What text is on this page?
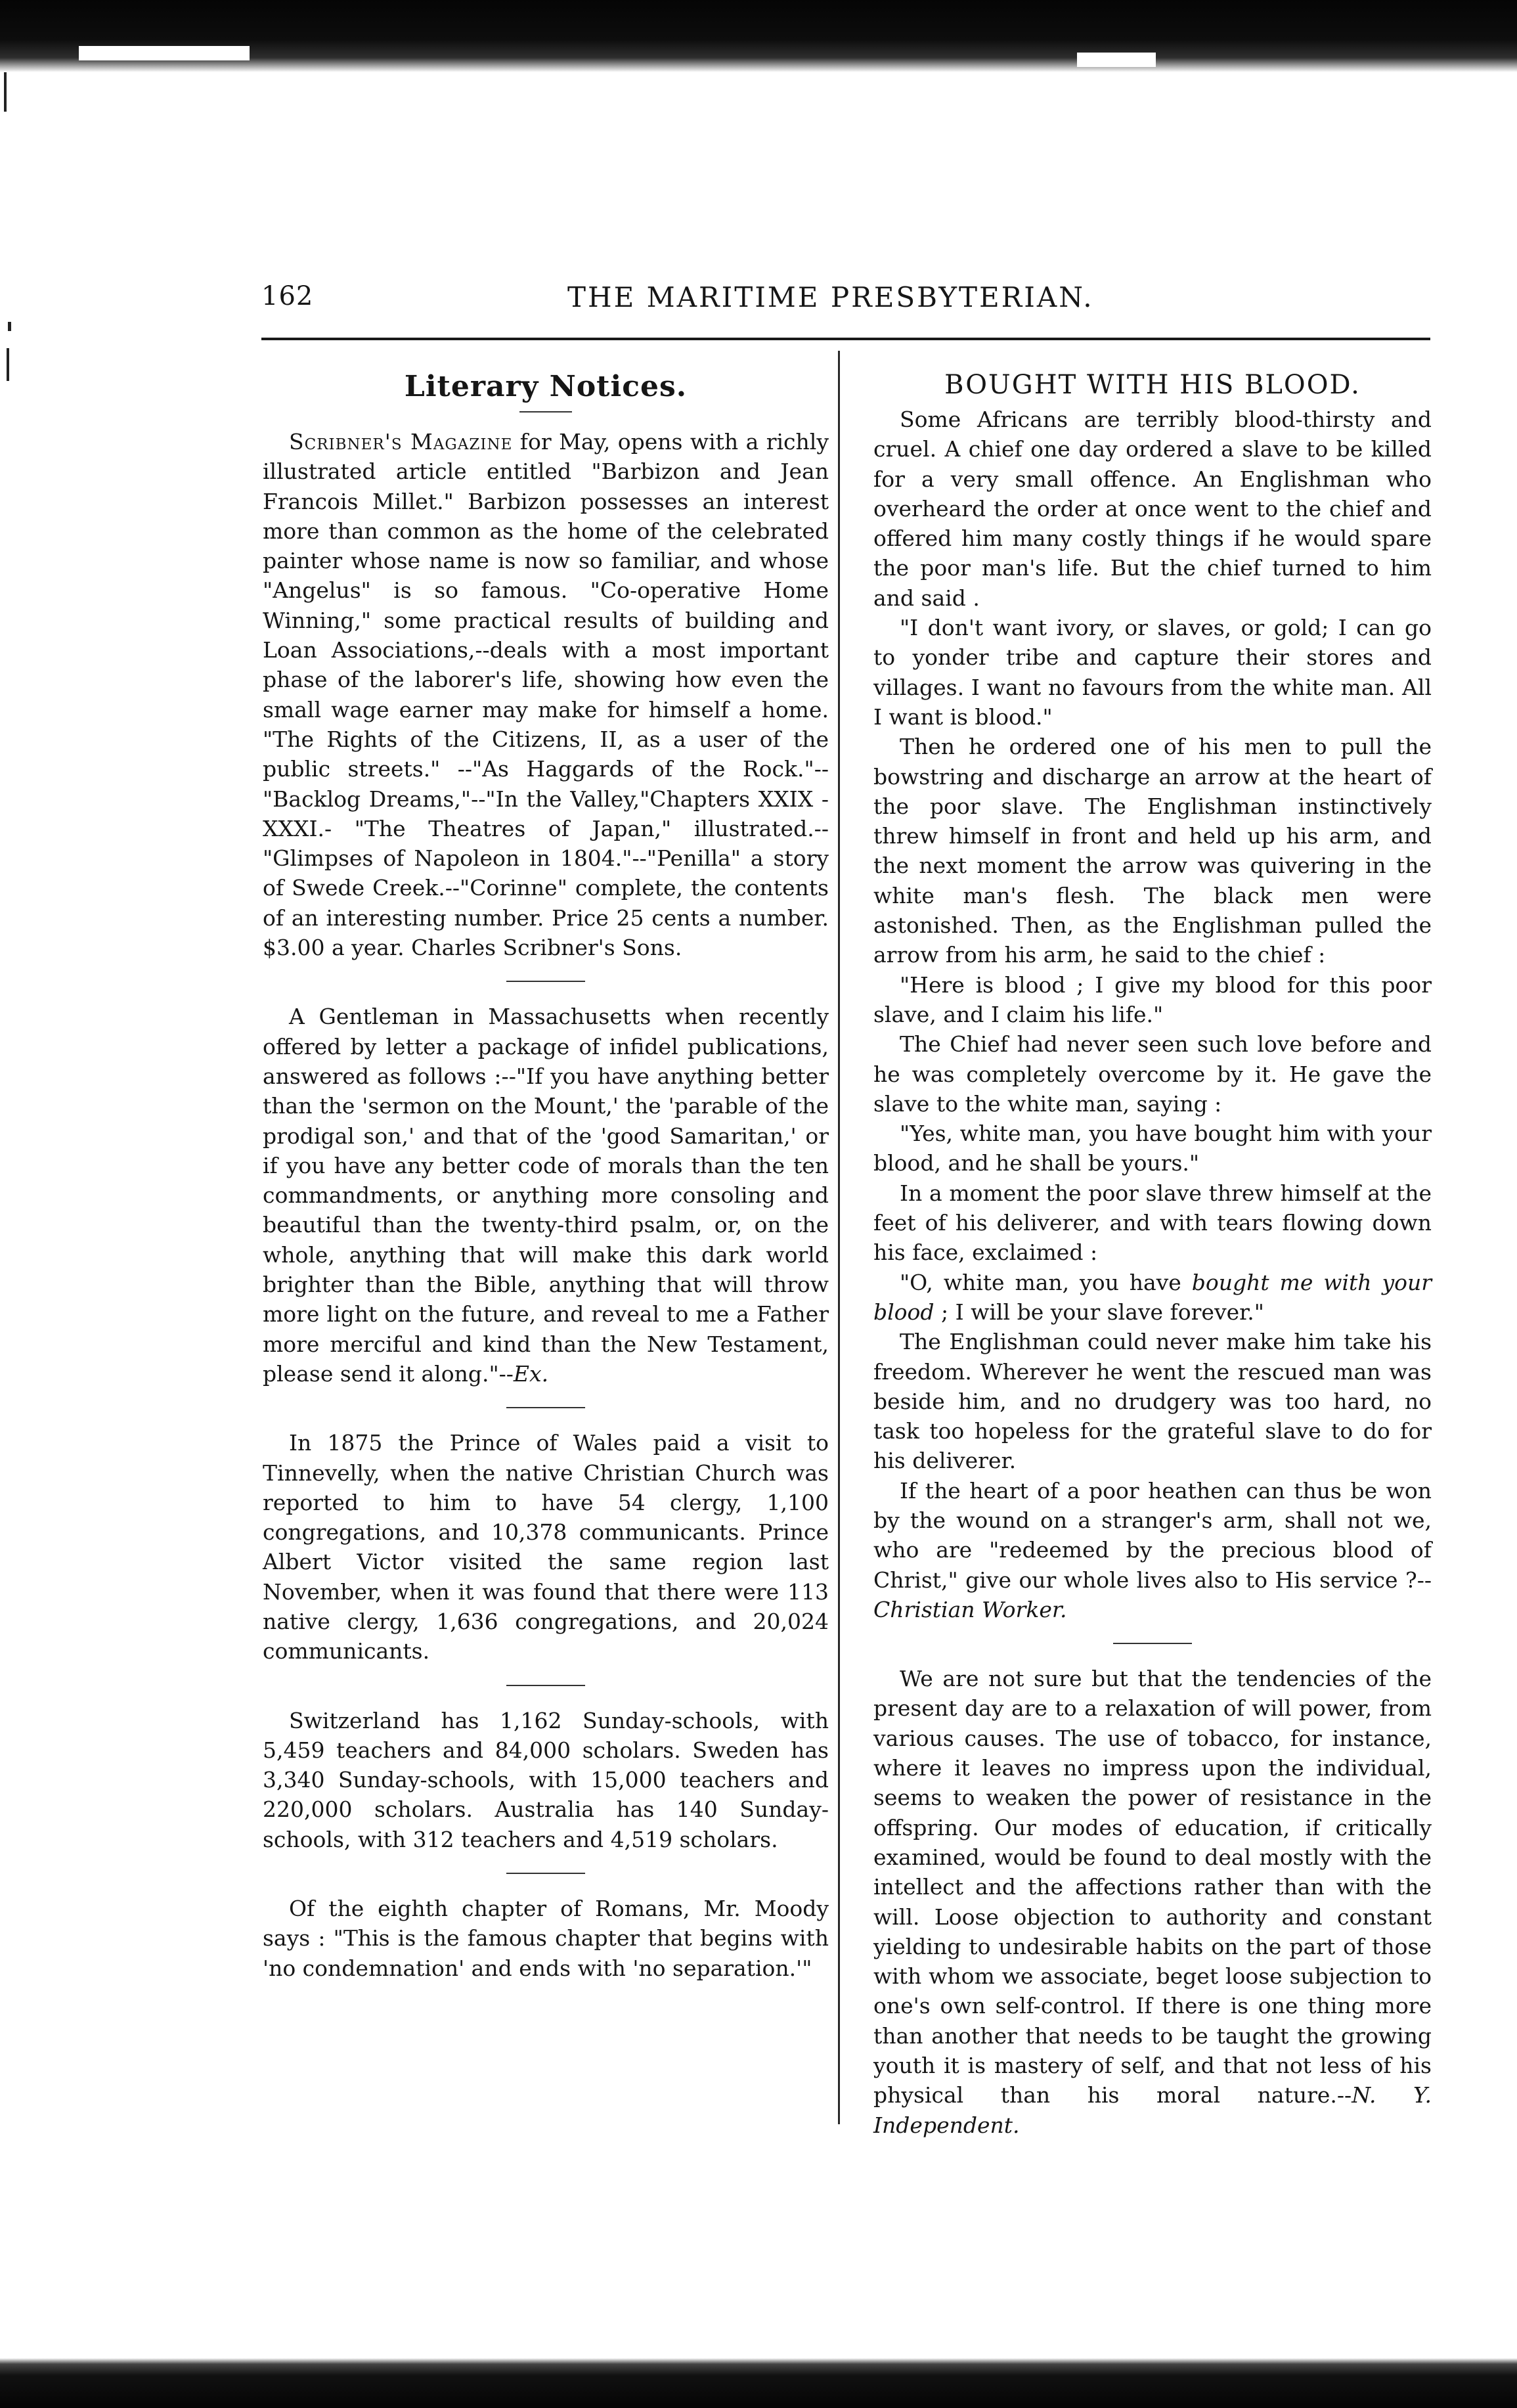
162	THE MARITIME PRESBYTERIAN.
Literary Notices.

Scribner's Magazine for May, opens with a richly illustrated article entitled "Barbizon and Jean Francois Millet." Barbizon possesses an interest more than common as the home of the celebrated painter whose name is now so familiar, and whose "Angelus" is so famous. "Co-operative Home Winning," some practical results of building and Loan Associations,--deals with a most important phase of the laborer's life, showing how even the small wage earner may make for himself a home. "The Rights of the Citizens, II, as a user of the public streets." --"As Haggards of the Rock."--"Backlog Dreams,"--"In the Valley,"Chapters XXIX -XXXI.- "The Theatres of Japan," illustrated.--"Glimpses of Napoleon in 1804."--"Penilla" a story of Swede Creek.--"Corinne" complete, the contents of an interesting number. Price 25 cents a number. $3.00 a year. Charles Scribner's Sons.

A Gentleman in Massachusetts when recently offered by letter a package of infidel publications, answered as follows :--"If you have anything better than the 'sermon on the Mount,' the 'parable of the prodigal son,' and that of the 'good Samaritan,' or if you have any better code of morals than the ten commandments, or anything more consoling and beautiful than the twenty-third psalm, or, on the whole, anything that will make this dark world brighter than the Bible, anything that will throw more light on the future, and reveal to me a Father more merciful and kind than the New Testament, please send it along."--Ex.

In 1875 the Prince of Wales paid a visit to Tinnevelly, when the native Christian Church was reported to him to have 54 clergy, 1,100 congregations, and 10,378 communicants. Prince Albert Victor visited the same region last November, when it was found that there were 113 native clergy, 1,636 congregations, and 20,024 communicants.

Switzerland has 1,162 Sunday-schools, with 5,459 teachers and 84,000 scholars. Sweden has 3,340 Sunday-schools, with 15,000 teachers and 220,000 scholars. Australia has 140 Sunday-schools, with 312 teachers and 4,519 scholars.

Of the eighth chapter of Romans, Mr. Moody says : "This is the famous chapter that begins with 'no condemnation' and ends with 'no separation.'"

BOUGHT WITH HIS BLOOD.

Some Africans are terribly blood-thirsty and cruel. A chief one day ordered a slave to be killed for a very small offence. An Englishman who overheard the order at once went to the chief and offered him many costly things if he would spare the poor man's life. But the chief turned to him and said .

"I don't want ivory, or slaves, or gold; I can go to yonder tribe and capture their stores and villages. I want no favours from the white man. All I want is blood."

Then he ordered one of his men to pull the bowstring and discharge an arrow at the heart of the poor slave. The Englishman instinctively threw himself in front and held up his arm, and the next moment the arrow was quivering in the white man's flesh. The black men were astonished. Then, as the Englishman pulled the arrow from his arm, he said to the chief :

"Here is blood ; I give my blood for this poor slave, and I claim his life."

The Chief had never seen such love before and he was completely overcome by it. He gave the slave to the white man, saying :

"Yes, white man, you have bought him with your blood, and he shall be yours."

In a moment the poor slave threw himself at the feet of his deliverer, and with tears flowing down his face, exclaimed :

"O, white man, you have bought me with your blood ; I will be your slave forever."

The Englishman could never make him take his freedom. Wherever he went the rescued man was beside him, and no drudgery was too hard, no task too hopeless for the grateful slave to do for his deliverer.

If the heart of a poor heathen can thus be won by the wound on a stranger's arm, shall not we, who are "redeemed by the precious blood of Christ," give our whole lives also to His service ?--Christian Worker.

We are not sure but that the tendencies of the present day are to a relaxation of will power, from various causes. The use of tobacco, for instance, where it leaves no impress upon the individual, seems to weaken the power of resistance in the offspring. Our modes of education, if critically examined, would be found to deal mostly with the intellect and the affections rather than with the will. Loose objection to authority and constant yielding to undesirable habits on the part of those with whom we associate, beget loose subjection to one's own self-control. If there is one thing more than another that needs to be taught the growing youth it is mastery of self, and that not less of his physical than his moral nature.--N. Y. Independent.
